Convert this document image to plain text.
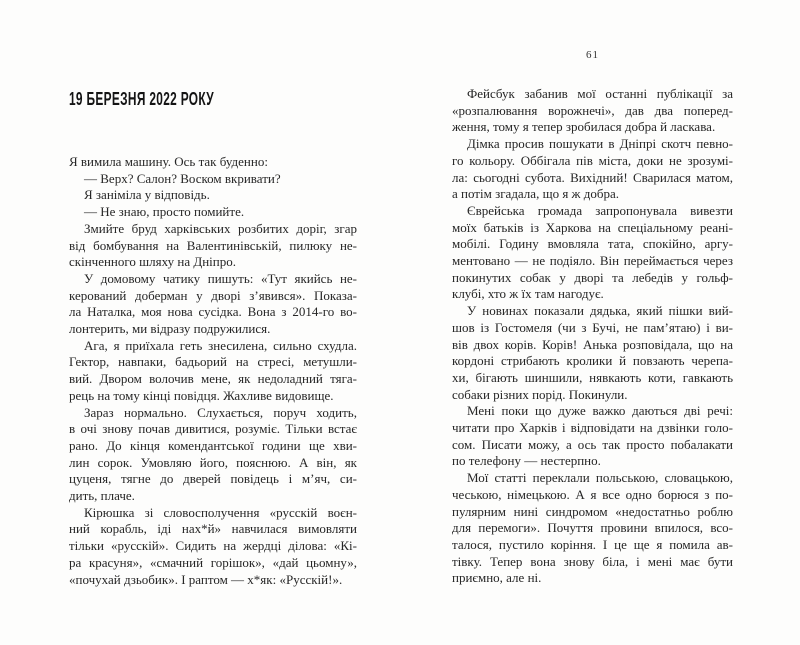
61
19 БЕРЕЗНЯ 2022 РОКУ
Я вимила машину. Ось так буденно:
— Верх? Салон? Воском вкривати?
Я заніміла у відповідь.
— Не знаю, просто помийте.
Змийте бруд харківських розбитих доріг, згар
від бомбування на Валентинівській, пилюку не-
скінченного шляху на Дніпро.
У домовому чатику пишуть: «Тут якийсь не-
керований доберман у дворі з’явився». Показа-
ла Наталка, моя нова сусідка. Вона з 2014-го во-
лонтерить, ми відразу подружилися.
Ага, я приїхала геть знесилена, сильно схудла.
Гектор, навпаки, бадьорий на стресі, метушли-
вий. Двором волочив мене, як недоладний тяга-
рець на тому кінці повідця. Жахливе видовище.
Зараз нормально. Слухається, поруч ходить,
в очі знову почав дивитися, розуміє. Тільки встає
рано. До кінця комендантської години ще хви-
лин сорок. Умовляю його, пояснюю. А він, як
цуценя, тягне до дверей повідець і м’яч, си-
дить, плаче.
Кірюшка зі словосполучення «русскій воєн-
ний корабль, іді нах*й» навчилася вимовляти
тільки «русскій». Сидить на жердці ділова: «Кі-
ра красуня», «смачний горішок», «дай цьомну»,
«почухай дзьобик». І раптом — х*як: «Русскій!».
Фейсбук забанив мої останні публікації за
«розпалювання ворожнечі», дав два поперед-
ження, тому я тепер зробилася добра й ласкава.
Дімка просив пошукати в Дніпрі скотч певно-
го кольору. Оббігала пів міста, доки не зрозумі-
ла: сьогодні субота. Вихідний! Сварилася матом,
а потім згадала, що я ж добра.
Єврейська громада запропонувала вивезти
моїх батьків із Харкова на спеціальному реані-
мобілі. Годину вмовляла тата, спокійно, аргу-
ментовано — не подіяло. Він переймається через
покинутих собак у дворі та лебедів у гольф-
клубі, хто ж їх там нагодує.
У новинах показали дядька, який пішки вий-
шов із Гостомеля (чи з Бучі, не пам’ятаю) і ви-
вів двох корів. Корів! Анька розповідала, що на
кордоні стрибають кролики й повзають черепа-
хи, бігають шиншили, нявкають коти, гавкають
собаки різних порід. Покинули.
Мені поки що дуже важко даються дві речі:
читати про Харків і відповідати на дзвінки голо-
сом. Писати можу, а ось так просто побалакати
по телефону — нестерпно.
Мої статті переклали польською, словацькою,
чеською, німецькою. А я все одно борюся з по-
пулярним нині синдромом «недостатньо роблю
для перемоги». Почуття провини впилося, всо-
талося, пустило коріння. І це ще я помила ав-
тівку. Тепер вона знову біла, і мені має бути
приємно, але ні.
